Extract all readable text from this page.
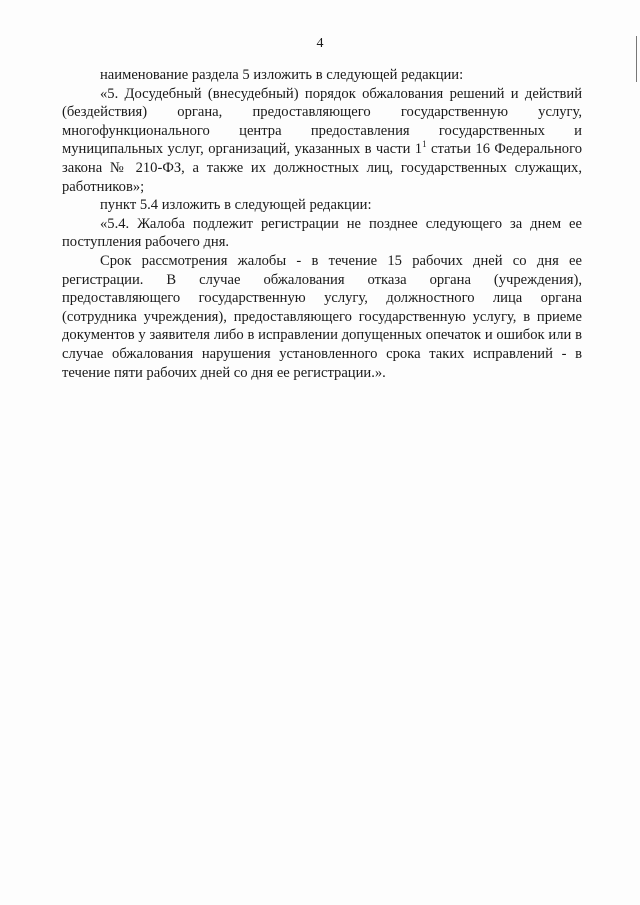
4

наименование раздела 5 изложить в следующей редакции:

«5. Досудебный (внесудебный) порядок обжалования решений и действий (бездействия) органа, предоставляющего государственную услугу, многофункционального центра предоставления государственных и муниципальных услуг, организаций, указанных в части $1^1$ статьи 16 Федерального закона № 210-ФЗ, а также их должностных лиц, государственных служащих, работников»;

пункт 5.4 изложить в следующей редакции:

«5.4. Жалоба подлежит регистрации не позднее следующего за днем ее поступления рабочего дня.

Срок рассмотрения жалобы - в течение 15 рабочих дней со дня ее регистрации. В случае обжалования отказа органа (учреждения), предоставляющего государственную услугу, должностного лица органа (сотрудника учреждения), предоставляющего государственную услугу, в приеме документов у заявителя либо в исправлении допущенных опечаток и ошибок или в случае обжалования нарушения установленного срока таких исправлений - в течение пяти рабочих дней со дня ее регистрации.».
